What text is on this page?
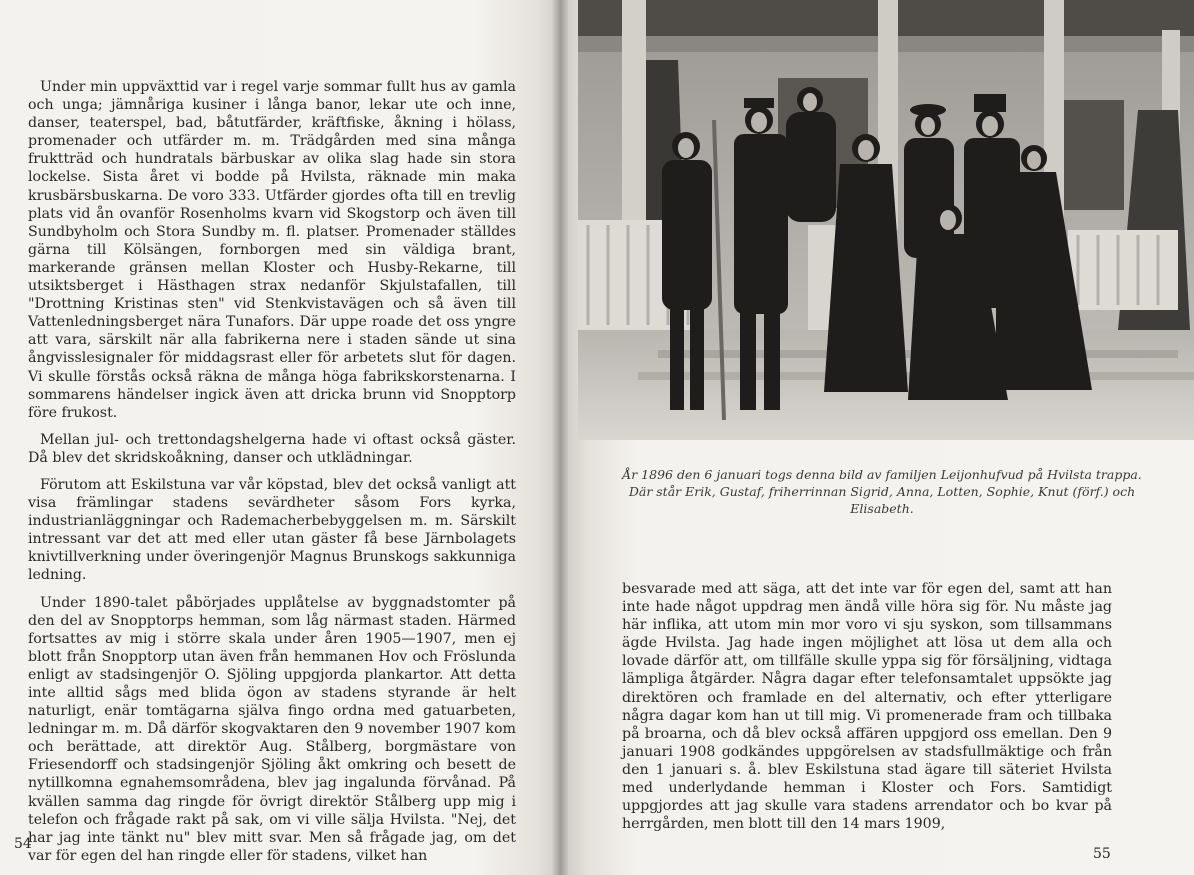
Under min uppväxttid var i regel varje sommar fullt hus av gamla och unga; jämnåriga kusiner i långa banor, lekar ute och inne, danser, teaterspel, bad, båtutfärder, kräftfiske, åkning i hölass, promenader och utfärder m. m. Trädgården med sina många fruktträd och hundratals bärbuskar av olika slag hade sin stora lockelse. Sista året vi bodde på Hvilsta, räknade min maka krusbärsbuskarna. De voro 333. Utfärder gjordes ofta till en trevlig plats vid ån ovanför Rosenholms kvarn vid Skogstorp och även till Sundbyholm och Stora Sundby m. fl. platser. Promenader ställdes gärna till Kölsängen, fornborgen med sin väldiga brant, markerande gränsen mellan Kloster och Husby-Rekarne, till utsiktsberget i Hästhagen strax nedanför Skjulstafallen, till "Drottning Kristinas sten" vid Stenkvistavägen och så även till Vattenledningsberget nära Tunafors. Där uppe roade det oss yngre att vara, särskilt när alla fabrikerna nere i staden sände ut sina ångvisslesignaler för middagsrast eller för arbetets slut för dagen. Vi skulle förstås också räkna de många höga fabrikskorstenarna. I sommarens händelser ingick även att dricka brunn vid Snopptorp före frukost.

Mellan jul- och trettondagshelgerna hade vi oftast också gäster. Då blev det skridskoåkning, danser och utklädningar.

Förutom att Eskilstuna var vår köpstad, blev det också vanligt att visa främlingar stadens sevärdheter såsom Fors kyrka, industrianläggningar och Rademacherbebyggelsen m. m. Särskilt intressant var det att med eller utan gäster få bese Järnbolagets knivtillverkning under överingenjör Magnus Brunskogs sakkunniga ledning.

Under 1890-talet påbörjades upplåtelse av byggnadstomter på den del av Snopptorps hemman, som låg närmast staden. Härmed fortsattes av mig i större skala under åren 1905—1907, men ej blott från Snopptorp utan även från hemmanen Hov och Fröslunda enligt av stadsingenjör O. Sjöling uppgjorda plankartor. Att detta inte alltid sågs med blida ögon av stadens styrande är helt naturligt, enär tomtägarna själva fingo ordna med gatuarbeten, ledningar m. m. Då därför skogvaktaren den 9 november 1907 kom och berättade, att direktör Aug. Stålberg, borgmästare von Friesendorff och stadsingenjör Sjöling åkt omkring och besett de nytillkomna egnahemsområdena, blev jag ingalunda förvånad. På kvällen samma dag ringde för övrigt direktör Stålberg upp mig i telefon och frågade rakt på sak, om vi ville sälja Hvilsta. "Nej, det har jag inte tänkt nu" blev mitt svar. Men så frågade jag, om det var för egen del han ringde eller för stadens, vilket han

54
År 1896 den 6 januari togs denna bild av familjen Leijonhufvud på Hvilsta trappa. Där står Erik, Gustaf, friherrinnan Sigrid, Anna, Lotten, Sophie, Knut (förf.) och Elisabeth.
besvarade med att säga, att det inte var för egen del, samt att han inte hade något uppdrag men ändå ville höra sig för. Nu måste jag här inflika, att utom min mor voro vi sju syskon, som tillsammans ägde Hvilsta. Jag hade ingen möjlighet att lösa ut dem alla och lovade därför att, om tillfälle skulle yppa sig för försäljning, vidtaga lämpliga åtgärder. Några dagar efter telefonsamtalet uppsökte jag direktören och framlade en del alternativ, och efter ytterligare några dagar kom han ut till mig. Vi promenerade fram och tillbaka på broarna, och då blev också affären uppgjord oss emellan. Den 9 januari 1908 godkändes uppgörelsen av stadsfullmäktige och från den 1 januari s. å. blev Eskilstuna stad ägare till säteriet Hvilsta med underlydande hemman i Kloster och Fors. Samtidigt uppgjordes att jag skulle vara stadens arrendator och bo kvar på herrgården, men blott till den 14 mars 1909,
55
